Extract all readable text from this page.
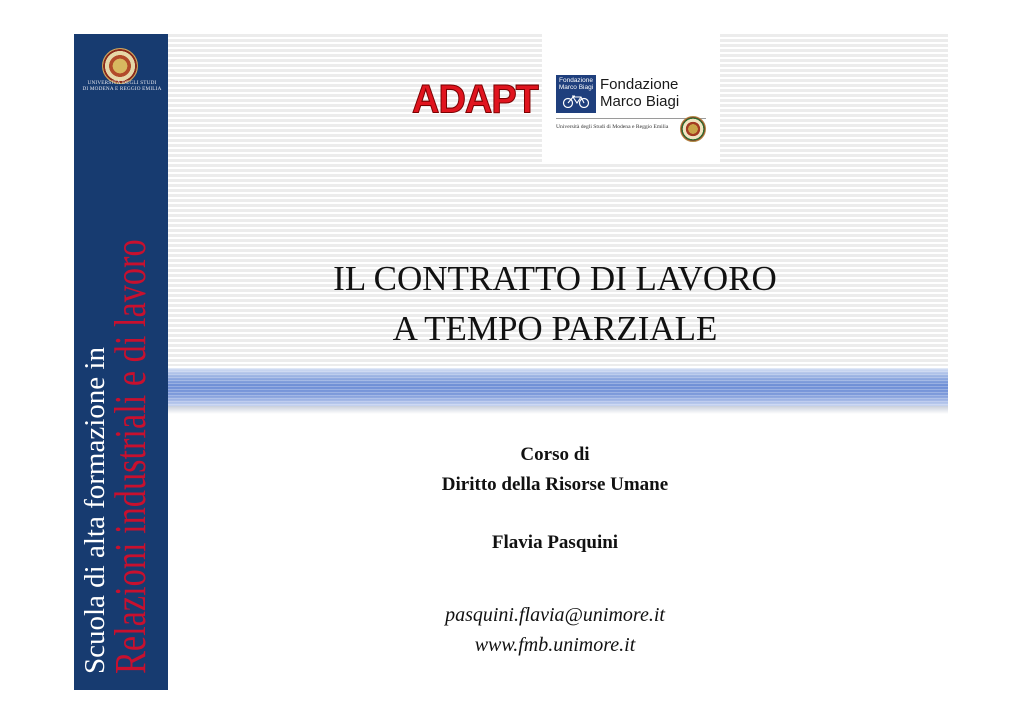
UNIVERSITÀ DEGLI STUDI
DI MODENA E REGGIO EMILIA
Scuola di alta formazione in
Relazioni industriali e di lavoro
ADAPT	Fondazione
Marco Biagi Fondazione
Marco Biagi
Università degli Studi di Modena e Reggio Emilia
IL CONTRATTO DI LAVORO
A TEMPO PARZIALE
Corso di
Diritto della Risorse Umane
Flavia Pasquini
pasquini.flavia@unimore.it
www.fmb.unimore.it
